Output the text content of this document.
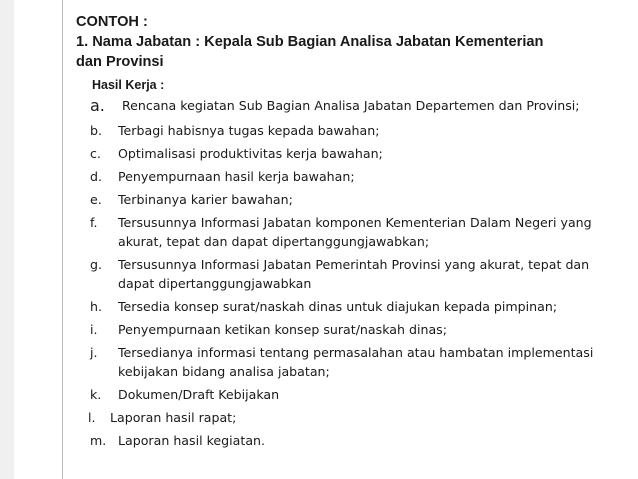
CONTOH :
1. Nama Jabatan : Kepala Sub Bagian Analisa Jabatan Kementerian
dan Provinsi
Hasil Kerja :
a. Rencana kegiatan Sub Bagian Analisa Jabatan Departemen dan Provinsi;
b. Terbagi habisnya tugas kepada bawahan;
c. Optimalisasi produktivitas kerja bawahan;
d. Penyempurnaan hasil kerja bawahan;
e. Terbinanya karier bawahan;
f. Tersusunnya Informasi Jabatan komponen Kementerian Dalam Negeri yang akurat, tepat dan dapat dipertanggungjawabkan;
g. Tersusunnya Informasi Jabatan Pemerintah Provinsi yang akurat, tepat dan dapat dipertanggungjawabkan
h. Tersedia konsep surat/naskah dinas untuk diajukan kepada pimpinan;
i. Penyempurnaan ketikan konsep surat/naskah dinas;
j. Tersedianya informasi tentang permasalahan atau hambatan implementasi kebijakan bidang analisa jabatan;
k. Dokumen/Draft Kebijakan
l. Laporan hasil rapat;
m. Laporan hasil kegiatan.
